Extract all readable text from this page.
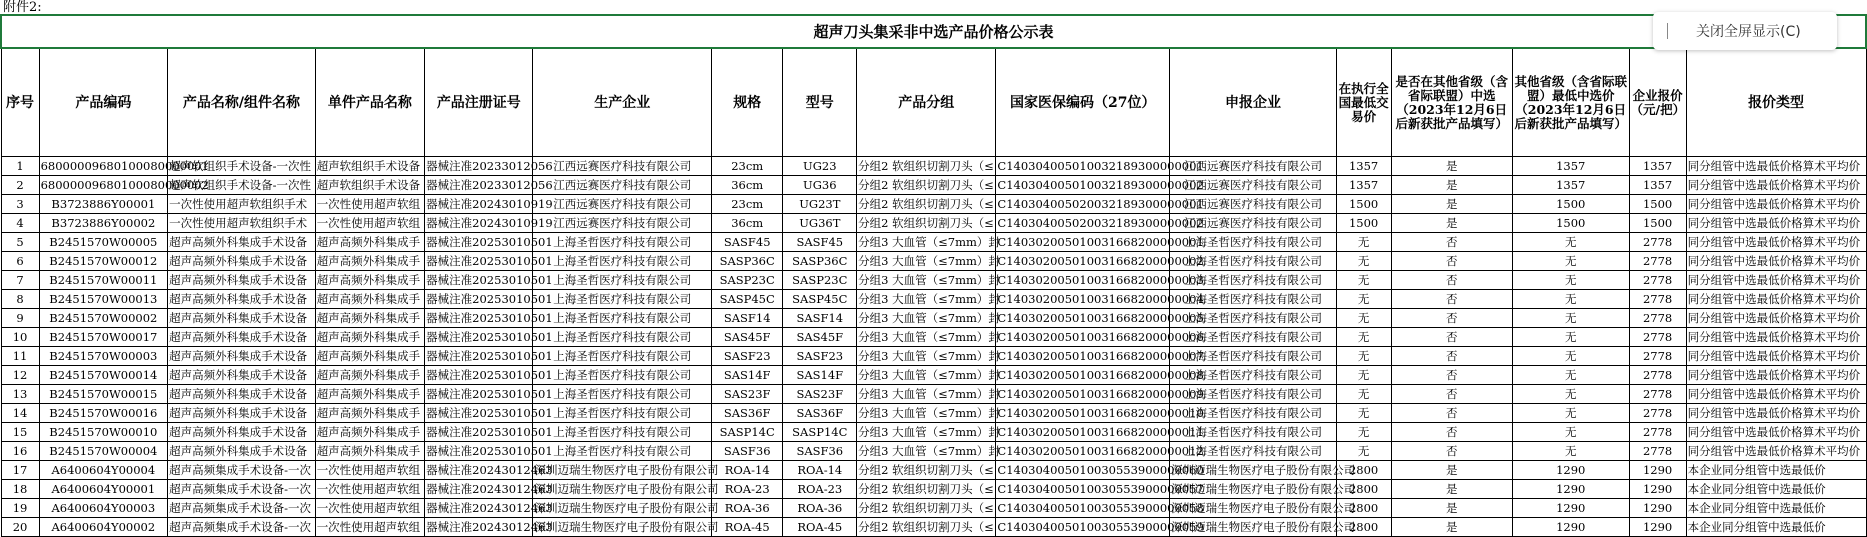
附件2:
超声刀头集采非中选产品价格公示表															
序号	产品编码	产品名称/组件名称	单件产品名称	产品注册证号	生产企业	规格	型号	产品分组	国家医保编码（27位）	申报企业	在执行全国最低交易价	是否在其他省级（含省际联盟）中选（2023年12月6日后新获批产品填写）	其他省级（含省际联盟）最低中选价（2023年12月6日后新获批产品填写）	企业报价（元/把）	报价类型
1	68000009680100080000001	超声软组织手术设备-一次性	超声软组织手术设备	器械注准20233012056	江西远赛医疗科技有限公司	23cm	UG23	分组2 软组织切割刀头（≤	C140304005010032189300000001	江西远赛医疗科技有限公司	1357	是	1357	1357	同分组管中选最低价格算术平均价
2	68000009680100080000002	超声软组织手术设备-一次性	超声软组织手术设备	器械注准20233012056	江西远赛医疗科技有限公司	36cm	UG36	分组2 软组织切割刀头（≤	C140304005010032189300000002	江西远赛医疗科技有限公司	1357	是	1357	1357	同分组管中选最低价格算术平均价
3	B3723886Y00001	一次性使用超声软组织手术	一次性使用超声软组	器械注准20243010919	江西远赛医疗科技有限公司	23cm	UG23T	分组2 软组织切割刀头（≤	C140304005020032189300000001	江西远赛医疗科技有限公司	1500	是	1500	1500	同分组管中选最低价格算术平均价
4	B3723886Y00002	一次性使用超声软组织手术	一次性使用超声软组	器械注准20243010919	江西远赛医疗科技有限公司	36cm	UG36T	分组2 软组织切割刀头（≤	C140304005020032189300000002	江西远赛医疗科技有限公司	1500	是	1500	1500	同分组管中选最低价格算术平均价
5	B2451570W00005	超声高频外科集成手术设备	超声高频外科集成手	器械注准20253010501	上海圣哲医疗科技有限公司	SASF45	SASF45	分组3 大血管（≤7mm）封	C140302005010031668200000001	上海圣哲医疗科技有限公司	无	否	无	2778	同分组管中选最低价格算术平均价
6	B2451570W00012	超声高频外科集成手术设备	超声高频外科集成手	器械注准20253010501	上海圣哲医疗科技有限公司	SASP36C	SASP36C	分组3 大血管（≤7mm）封	C140302005010031668200000002	上海圣哲医疗科技有限公司	无	否	无	2778	同分组管中选最低价格算术平均价
7	B2451570W00011	超声高频外科集成手术设备	超声高频外科集成手	器械注准20253010501	上海圣哲医疗科技有限公司	SASP23C	SASP23C	分组3 大血管（≤7mm）封	C140302005010031668200000003	上海圣哲医疗科技有限公司	无	否	无	2778	同分组管中选最低价格算术平均价
8	B2451570W00013	超声高频外科集成手术设备	超声高频外科集成手	器械注准20253010501	上海圣哲医疗科技有限公司	SASP45C	SASP45C	分组3 大血管（≤7mm）封	C140302005010031668200000004	上海圣哲医疗科技有限公司	无	否	无	2778	同分组管中选最低价格算术平均价
9	B2451570W00002	超声高频外科集成手术设备	超声高频外科集成手	器械注准20253010501	上海圣哲医疗科技有限公司	SASF14	SASF14	分组3 大血管（≤7mm）封	C140302005010031668200000005	上海圣哲医疗科技有限公司	无	否	无	2778	同分组管中选最低价格算术平均价
10	B2451570W00017	超声高频外科集成手术设备	超声高频外科集成手	器械注准20253010501	上海圣哲医疗科技有限公司	SAS45F	SAS45F	分组3 大血管（≤7mm）封	C140302005010031668200000006	上海圣哲医疗科技有限公司	无	否	无	2778	同分组管中选最低价格算术平均价
11	B2451570W00003	超声高频外科集成手术设备	超声高频外科集成手	器械注准20253010501	上海圣哲医疗科技有限公司	SASF23	SASF23	分组3 大血管（≤7mm）封	C140302005010031668200000007	上海圣哲医疗科技有限公司	无	否	无	2778	同分组管中选最低价格算术平均价
12	B2451570W00014	超声高频外科集成手术设备	超声高频外科集成手	器械注准20253010501	上海圣哲医疗科技有限公司	SAS14F	SAS14F	分组3 大血管（≤7mm）封	C140302005010031668200000008	上海圣哲医疗科技有限公司	无	否	无	2778	同分组管中选最低价格算术平均价
13	B2451570W00015	超声高频外科集成手术设备	超声高频外科集成手	器械注准20253010501	上海圣哲医疗科技有限公司	SAS23F	SAS23F	分组3 大血管（≤7mm）封	C140302005010031668200000009	上海圣哲医疗科技有限公司	无	否	无	2778	同分组管中选最低价格算术平均价
14	B2451570W00016	超声高频外科集成手术设备	超声高频外科集成手	器械注准20253010501	上海圣哲医疗科技有限公司	SAS36F	SAS36F	分组3 大血管（≤7mm）封	C140302005010031668200000010	上海圣哲医疗科技有限公司	无	否	无	2778	同分组管中选最低价格算术平均价
15	B2451570W00010	超声高频外科集成手术设备	超声高频外科集成手	器械注准20253010501	上海圣哲医疗科技有限公司	SASP14C	SASP14C	分组3 大血管（≤7mm）封	C140302005010031668200000011	上海圣哲医疗科技有限公司	无	否	无	2778	同分组管中选最低价格算术平均价
16	B2451570W00004	超声高频外科集成手术设备	超声高频外科集成手	器械注准20253010501	上海圣哲医疗科技有限公司	SASF36	SASF36	分组3 大血管（≤7mm）封	C140302005010031668200000012	上海圣哲医疗科技有限公司	无	否	无	2778	同分组管中选最低价格算术平均价
17	A6400604Y00004	超声高频集成手术设备-一次	一次性使用超声软组	器械注准20243012463	深圳迈瑞生物医疗电子股份有限公司	ROA-14	ROA-14	分组2 软组织切割刀头（≤	C140304005010030553900000060	深圳迈瑞生物医疗电子股份有限公司	2800	是	1290	1290	本企业同分组管中选最低价
18	A6400604Y00001	超声高频集成手术设备-一次	一次性使用超声软组	器械注准20243012463	深圳迈瑞生物医疗电子股份有限公司	ROA-23	ROA-23	分组2 软组织切割刀头（≤	C140304005010030553900000057	深圳迈瑞生物医疗电子股份有限公司	2800	是	1290	1290	本企业同分组管中选最低价
19	A6400604Y00003	超声高频集成手术设备-一次	一次性使用超声软组	器械注准20243012463	深圳迈瑞生物医疗电子股份有限公司	ROA-36	ROA-36	分组2 软组织切割刀头（≤	C140304005010030553900000058	深圳迈瑞生物医疗电子股份有限公司	2800	是	1290	1290	本企业同分组管中选最低价
20	A6400604Y00002	超声高频集成手术设备-一次	一次性使用超声软组	器械注准20243012463	深圳迈瑞生物医疗电子股份有限公司	ROA-45	ROA-45	分组2 软组织切割刀头（≤	C140304005010030553900000059	深圳迈瑞生物医疗电子股份有限公司	2800	是	1290	1290	本企业同分组管中选最低价
关闭全屏显示(C)
